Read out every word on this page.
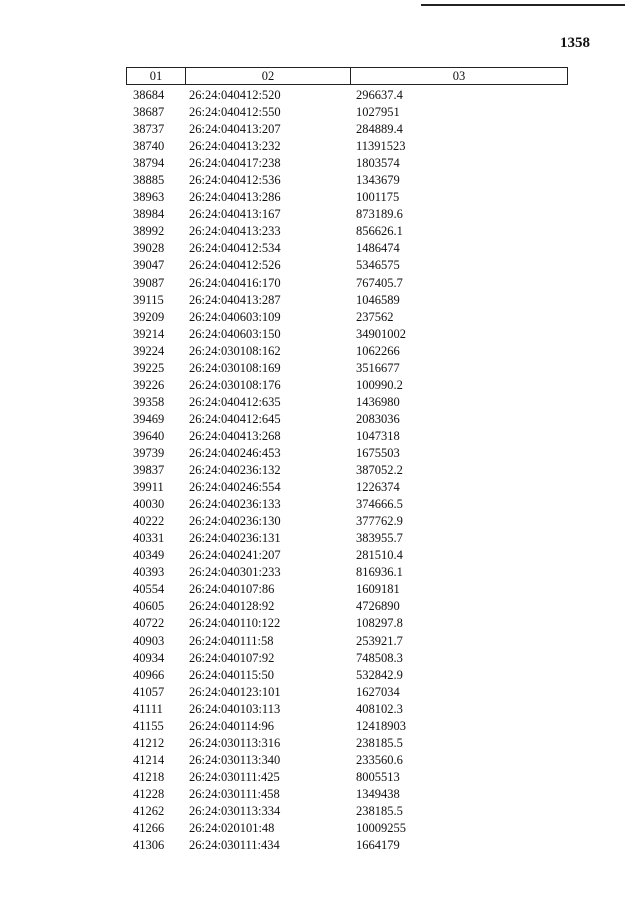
1358
01	02	03
38684 26:24:040412:520	296637.4
38687 26:24:040412:550	1027951
38737 26:24:040413:207	284889.4
38740 26:24:040413:232	11391523
38794 26:24:040417:238	1803574
38885 26:24:040412:536	1343679
38963 26:24:040413:286	1001175
38984 26:24:040413:167	873189.6
38992 26:24:040413:233	856626.1
39028 26:24:040412:534	1486474
39047 26:24:040412:526	5346575
39087 26:24:040416:170	767405.7
39115 26:24:040413:287	1046589
39209 26:24:040603:109	237562
39214 26:24:040603:150	34901002
39224 26:24:030108:162	1062266
39225 26:24:030108:169	3516677
39226 26:24:030108:176	100990.2
39358 26:24:040412:635	1436980
39469 26:24:040412:645	2083036
39640 26:24:040413:268	1047318
39739 26:24:040246:453	1675503
39837 26:24:040236:132	387052.2
39911 26:24:040246:554	1226374
40030 26:24:040236:133	374666.5
40222 26:24:040236:130	377762.9
40331 26:24:040236:131	383955.7
40349 26:24:040241:207	281510.4
40393 26:24:040301:233	816936.1
40554 26:24:040107:86	1609181
40605 26:24:040128:92	4726890
40722 26:24:040110:122	108297.8
40903 26:24:040111:58	253921.7
40934 26:24:040107:92	748508.3
40966 26:24:040115:50	532842.9
41057 26:24:040123:101	1627034
41111 26:24:040103:113	408102.3
41155 26:24:040114:96	12418903
41212 26:24:030113:316	238185.5
41214 26:24:030113:340	233560.6
41218 26:24:030111:425	8005513
41228 26:24:030111:458	1349438
41262 26:24:030113:334	238185.5
41266 26:24:020101:48	10009255
41306 26:24:030111:434	1664179
